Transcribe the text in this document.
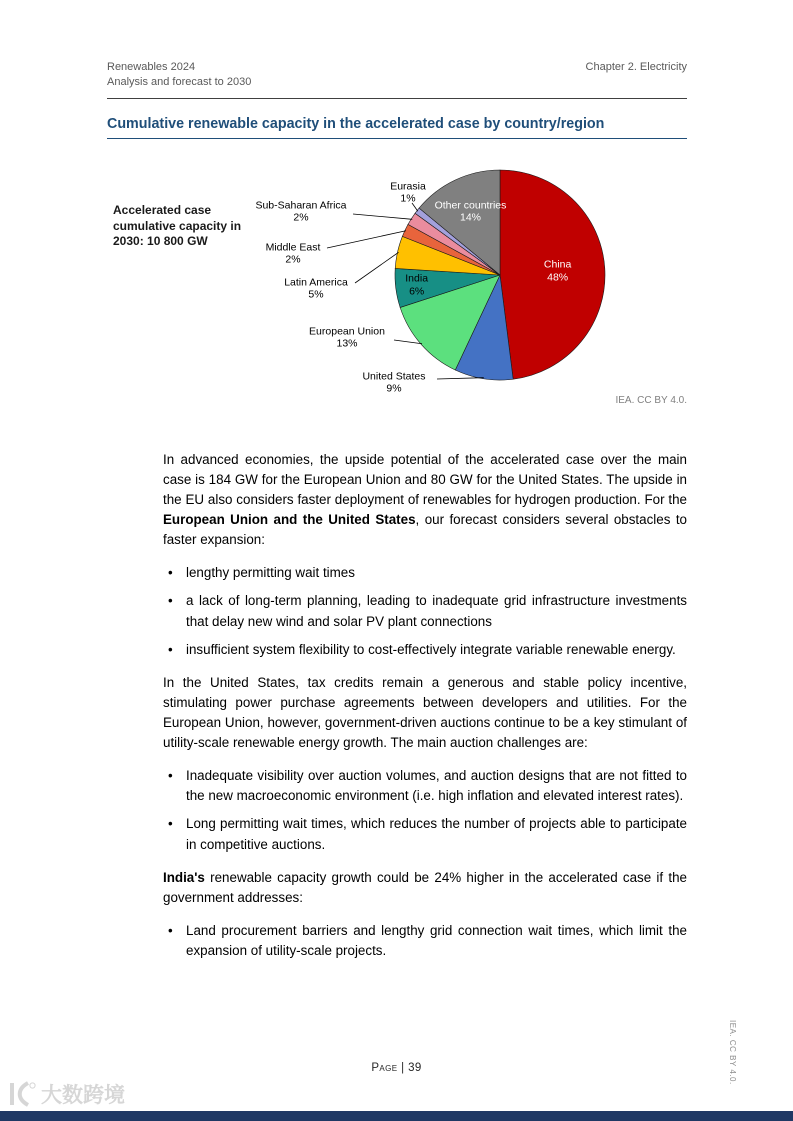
Renewables 2024
Analysis and forecast to 2030
Chapter 2. Electricity
Cumulative renewable capacity in the accelerated case by country/region
Accelerated case cumulative capacity in 2030: 10 800 GW
IEA. CC BY 4.0.
China
48%
United States
9%
European Union
13%
India
6%
Latin America
5%
Middle East
2%
Sub-Saharan Africa
2%
Eurasia
1%
Other countries
14%

In advanced economies, the upside potential of the accelerated case over the main case is 184 GW for the European Union and 80 GW for the United States. The upside in the EU also considers faster deployment of renewables for hydrogen production. For the European Union and the United States, our forecast considers several obstacles to faster expansion:

• lengthy permitting wait times
• a lack of long-term planning, leading to inadequate grid infrastructure investments that delay new wind and solar PV plant connections
• insufficient system flexibility to cost-effectively integrate variable renewable energy.

In the United States, tax credits remain a generous and stable policy incentive, stimulating power purchase agreements between developers and utilities. For the European Union, however, government-driven auctions continue to be a key stimulant of utility-scale renewable energy growth. The main auction challenges are:

• Inadequate visibility over auction volumes, and auction designs that are not fitted to the new macroeconomic environment (i.e. high inflation and elevated interest rates).
• Long permitting wait times, which reduces the number of projects able to participate in competitive auctions.

India's renewable capacity growth could be 24% higher in the accelerated case if the government addresses:

• Land procurement barriers and lengthy grid connection wait times, which limit the expansion of utility-scale projects.
Page | 39	IEA. CC BY 4.0.
大数跨境
